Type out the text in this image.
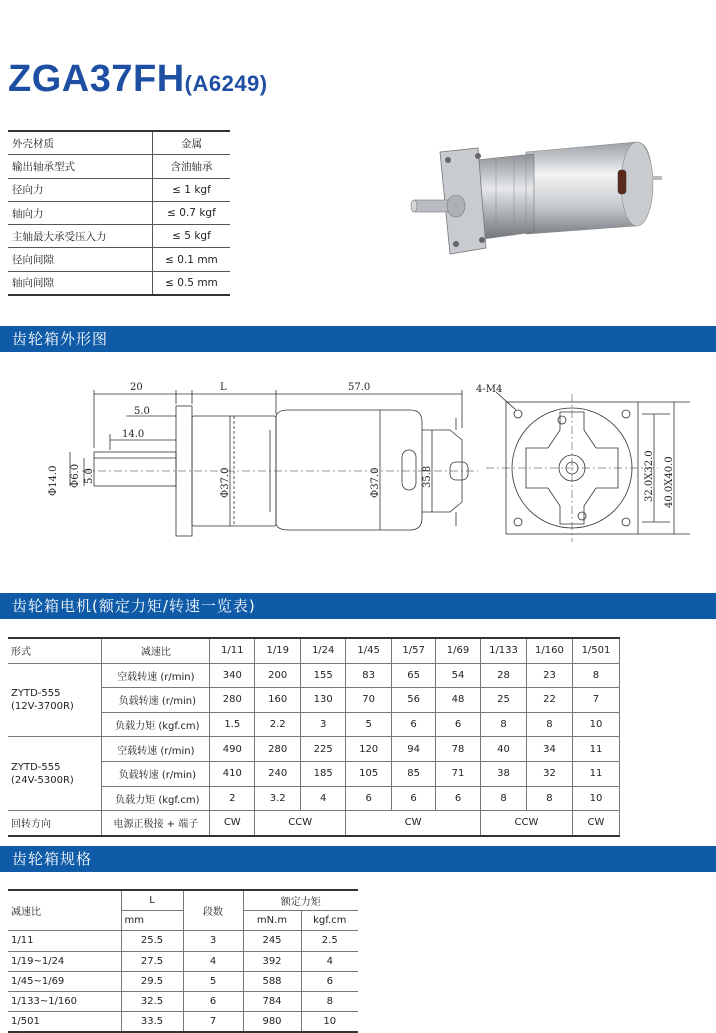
ZGA37FH(A6249)
外壳材质	金属
输出轴承型式	含油轴承
径向力	≤ 1 kgf
轴向力	≤ 0.7 kgf
主轴最大承受压入力	≤ 5 kgf
径向间隙	≤ 0.1 mm
轴向间隙	≤ 0.5 mm
齿轮箱外形图
20	L	57.0
5.0
14.0
4-M4
Φ14.0 Φ6.0 5.0	Φ37.0	Φ37.0	35.8	32.0X32.0 40.0X40.0
齿轮箱电机(额定力矩/转速一览表)
形式	减速比	1/11	1/19	1/24	1/45	1/57	1/69	1/133	1/160	1/501

ZYTD-555
(12V-3700R)	空载转速 (r/min)	340	200	155	83	65	54	28	23	8
	负载转速 (r/min)	280	160	130	70	56	48	25	22	7
	负载力矩 (kgf.cm)	1.5	2.2	3	5	6	6	8	8	10

ZYTD-555
(24V-5300R)	空载转速 (r/min)	490	280	225	120	94	78	40	34	11
	负载转速 (r/min)	410	240	185	105	85	71	38	32	11
	负载力矩 (kgf.cm)	2	3.2	4	6	6	6	8	8	10
回转方向	电源正极接 + 端子	CW	CCW		CW			CCW		CW
齿轮箱规格
减速比	L	段数	额定力矩	
	mm		mN.m	kgf.cm
1/11	25.5	3	245	2.5
1/19~1/24	27.5	4	392	4
1/45~1/69	29.5	5	588	6
1/133~1/160	32.5	6	784	8
1/501	33.5	7	980	10
